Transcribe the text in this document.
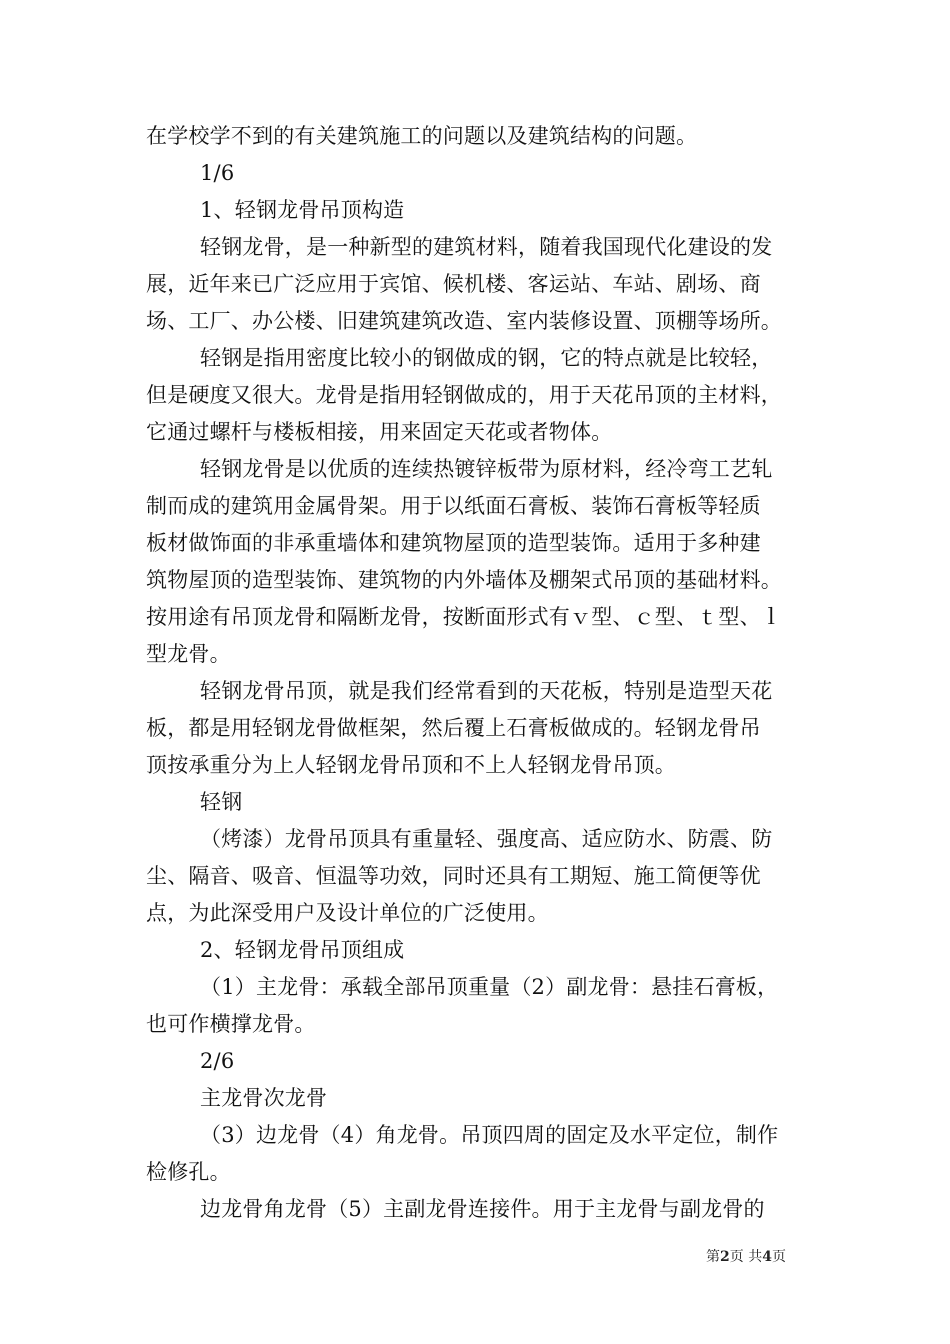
在学校学不到的有关建筑施工的问题以及建筑结构的问题。
1/6
1、轻钢龙骨吊顶构造
轻钢龙骨，是一种新型的建筑材料，随着我国现代化建设的发
展，近年来已广泛应用于宾馆、候机楼、客运站、车站、剧场、商
场、工厂、办公楼、旧建筑建筑改造、室内装修设置、顶棚等场所。
轻钢是指用密度比较小的钢做成的钢，它的特点就是比较轻，
但是硬度又很大。龙骨是指用轻钢做成的，用于天花吊顶的主材料，
它通过螺杆与楼板相接，用来固定天花或者物体。
轻钢龙骨是以优质的连续热镀锌板带为原材料，经冷弯工艺轧
制而成的建筑用金属骨架。用于以纸面石膏板、装饰石膏板等轻质
板材做饰面的非承重墙体和建筑物屋顶的造型装饰。适用于多种建
筑物屋顶的造型装饰、建筑物的内外墙体及棚架式吊顶的基础材料。
按用途有吊顶龙骨和隔断龙骨，按断面形式有ｖ型、ｃ型、ｔ型、ｌ
型龙骨。
轻钢龙骨吊顶，就是我们经常看到的天花板，特别是造型天花
板，都是用轻钢龙骨做框架，然后覆上石膏板做成的。轻钢龙骨吊
顶按承重分为上人轻钢龙骨吊顶和不上人轻钢龙骨吊顶。
轻钢
（烤漆）龙骨吊顶具有重量轻、强度高、适应防水、防震、防
尘、隔音、吸音、恒温等功效，同时还具有工期短、施工简便等优
点，为此深受用户及设计单位的广泛使用。
2、轻钢龙骨吊顶组成
（1）主龙骨：承载全部吊顶重量（2）副龙骨：悬挂石膏板，
也可作横撑龙骨。
2/6
主龙骨次龙骨
（3）边龙骨（4）角龙骨。吊顶四周的固定及水平定位，制作
检修孔。
边龙骨角龙骨（5）主副龙骨连接件。用于主龙骨与副龙骨的
第2页 共4页
